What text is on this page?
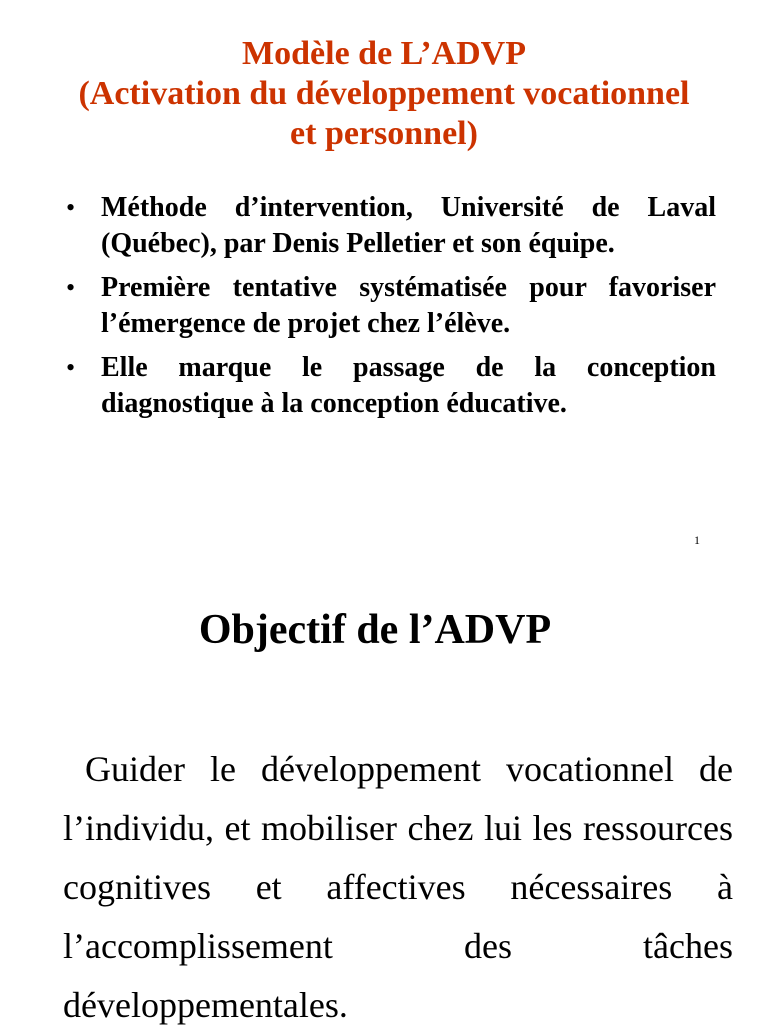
Modèle de L’ADVP
(Activation du développement vocationnel
et personnel)
• Méthode d’intervention, Université de Laval (Québec), par Denis Pelletier et son équipe.
• Première tentative systématisée pour favoriser l’émergence de projet chez l’élève.
• Elle marque le passage de la conception diagnostique à la conception éducative.
1
Objectif de l’ADVP

Guider le développement vocationnel de l’individu, et mobiliser chez lui les ressources cognitives et affectives nécessaires à l’accomplissement des tâches développementales.
